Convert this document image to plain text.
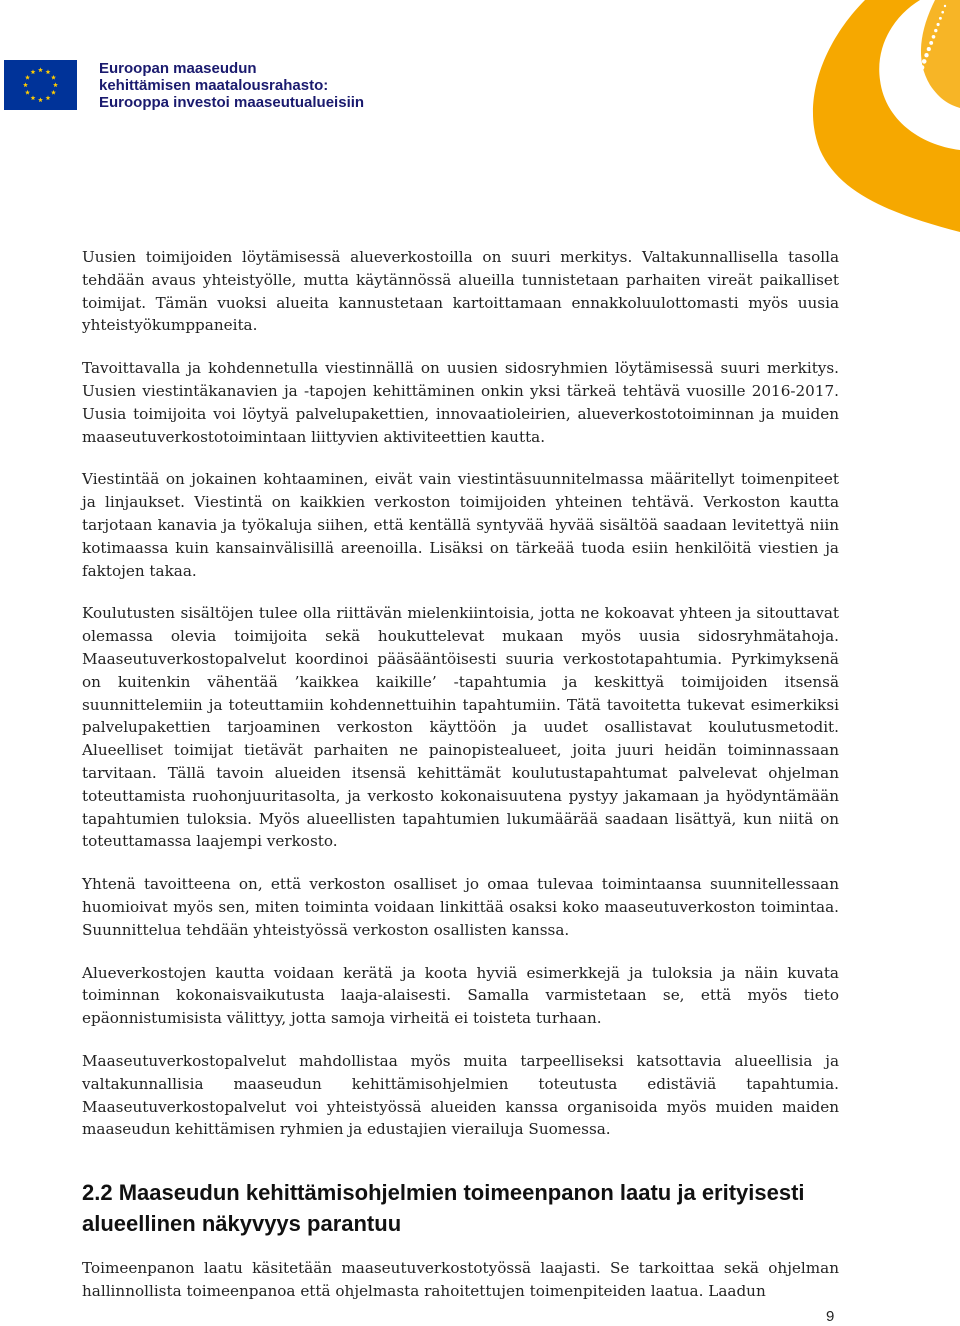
Euroopan maaseudun
kehittämisen maatalousrahasto:
Eurooppa investoi maaseutualueisiin

Uusien toimijoiden löytämisessä alueverkostoilla on suuri merkitys. Valtakunnallisella tasolla tehdään avaus yhteistyölle, mutta käytännössä alueilla tunnistetaan parhaiten vireät paikalliset toimijat. Tämän vuoksi alueita kannustetaan kartoittamaan ennakkoluulottomasti myös uusia yhteistyökumppaneita.

Tavoittavalla ja kohdennetulla viestinnällä on uusien sidosryhmien löytämisessä suuri merkitys. Uusien viestintäkanavien ja -tapojen kehittäminen onkin yksi tärkeä tehtävä vuosille 2016-2017. Uusia toimijoita voi löytyä palvelupakettien, innovaatioleirien, alueverkostotoiminnan ja muiden maaseutuverkostotoimintaan liittyvien aktiviteettien kautta.

Viestintää on jokainen kohtaaminen, eivät vain viestintäsuunnitelmassa määritellyt toimenpiteet ja linjaukset. Viestintä on kaikkien verkoston toimijoiden yhteinen tehtävä. Verkoston kautta tarjotaan kanavia ja työkaluja siihen, että kentällä syntyvää hyvää sisältöä saadaan levitettyä niin kotimaassa kuin kansainvälisillä areenoilla. Lisäksi on tärkeää tuoda esiin henkilöitä viestien ja faktojen takaa.

Koulutusten sisältöjen tulee olla riittävän mielenkiintoisia, jotta ne kokoavat yhteen ja sitouttavat olemassa olevia toimijoita sekä houkuttelevat mukaan myös uusia sidosryhmätahoja. Maaseutuverkostopalvelut koordinoi pääsääntöisesti suuria verkostotapahtumia. Pyrkimyksenä on kuitenkin vähentää ’kaikkea kaikille’ -tapahtumia ja keskittyä toimijoiden itsensä suunnittelemiin ja toteuttamiin kohdennettuihin tapahtumiin. Tätä tavoitetta tukevat esimerkiksi palvelupakettien tarjoaminen verkoston käyttöön ja uudet osallistavat koulutusmetodit. Alueelliset toimijat tietävät parhaiten ne painopistealueet, joita juuri heidän toiminnassaan tarvitaan. Tällä tavoin alueiden itsensä kehittämät koulutustapahtumat palvelevat ohjelman toteuttamista ruohonjuuritasolta, ja verkosto kokonaisuutena pystyy jakamaan ja hyödyntämään tapahtumien tuloksia. Myös alueellisten tapahtumien lukumäärää saadaan lisättyä, kun niitä on toteuttamassa laajempi verkosto.

Yhtenä tavoitteena on, että verkoston osalliset jo omaa tulevaa toimintaansa suunnitellessaan huomioivat myös sen, miten toiminta voidaan linkittää osaksi koko maaseutuverkoston toimintaa. Suunnittelua tehdään yhteistyössä verkoston osallisten kanssa.

Alueverkostojen kautta voidaan kerätä ja koota hyviä esimerkkejä ja tuloksia ja näin kuvata toiminnan kokonaisvaikutusta laaja-alaisesti. Samalla varmistetaan se, että myös tieto epäonnistumisista välittyy, jotta samoja virheitä ei toisteta turhaan.

Maaseutuverkostopalvelut mahdollistaa myös muita tarpeelliseksi katsottavia alueellisia ja valtakunnallisia maaseudun kehittämisohjelmien toteutusta edistäviä tapahtumia. Maaseutuverkostopalvelut voi yhteistyössä alueiden kanssa organisoida myös muiden maiden maaseudun kehittämisen ryhmien ja edustajien vierailuja Suomessa.

2.2 Maaseudun kehittämisohjelmien toimeenpanon laatu ja erityisesti alueellinen näkyvyys parantuu

Toimeenpanon laatu käsitetään maaseutuverkostotyössä laajasti. Se tarkoittaa sekä ohjelman hallinnollista toimeenpanoa että ohjelmasta rahoitettujen toimenpiteiden laatua. Laadun

9
